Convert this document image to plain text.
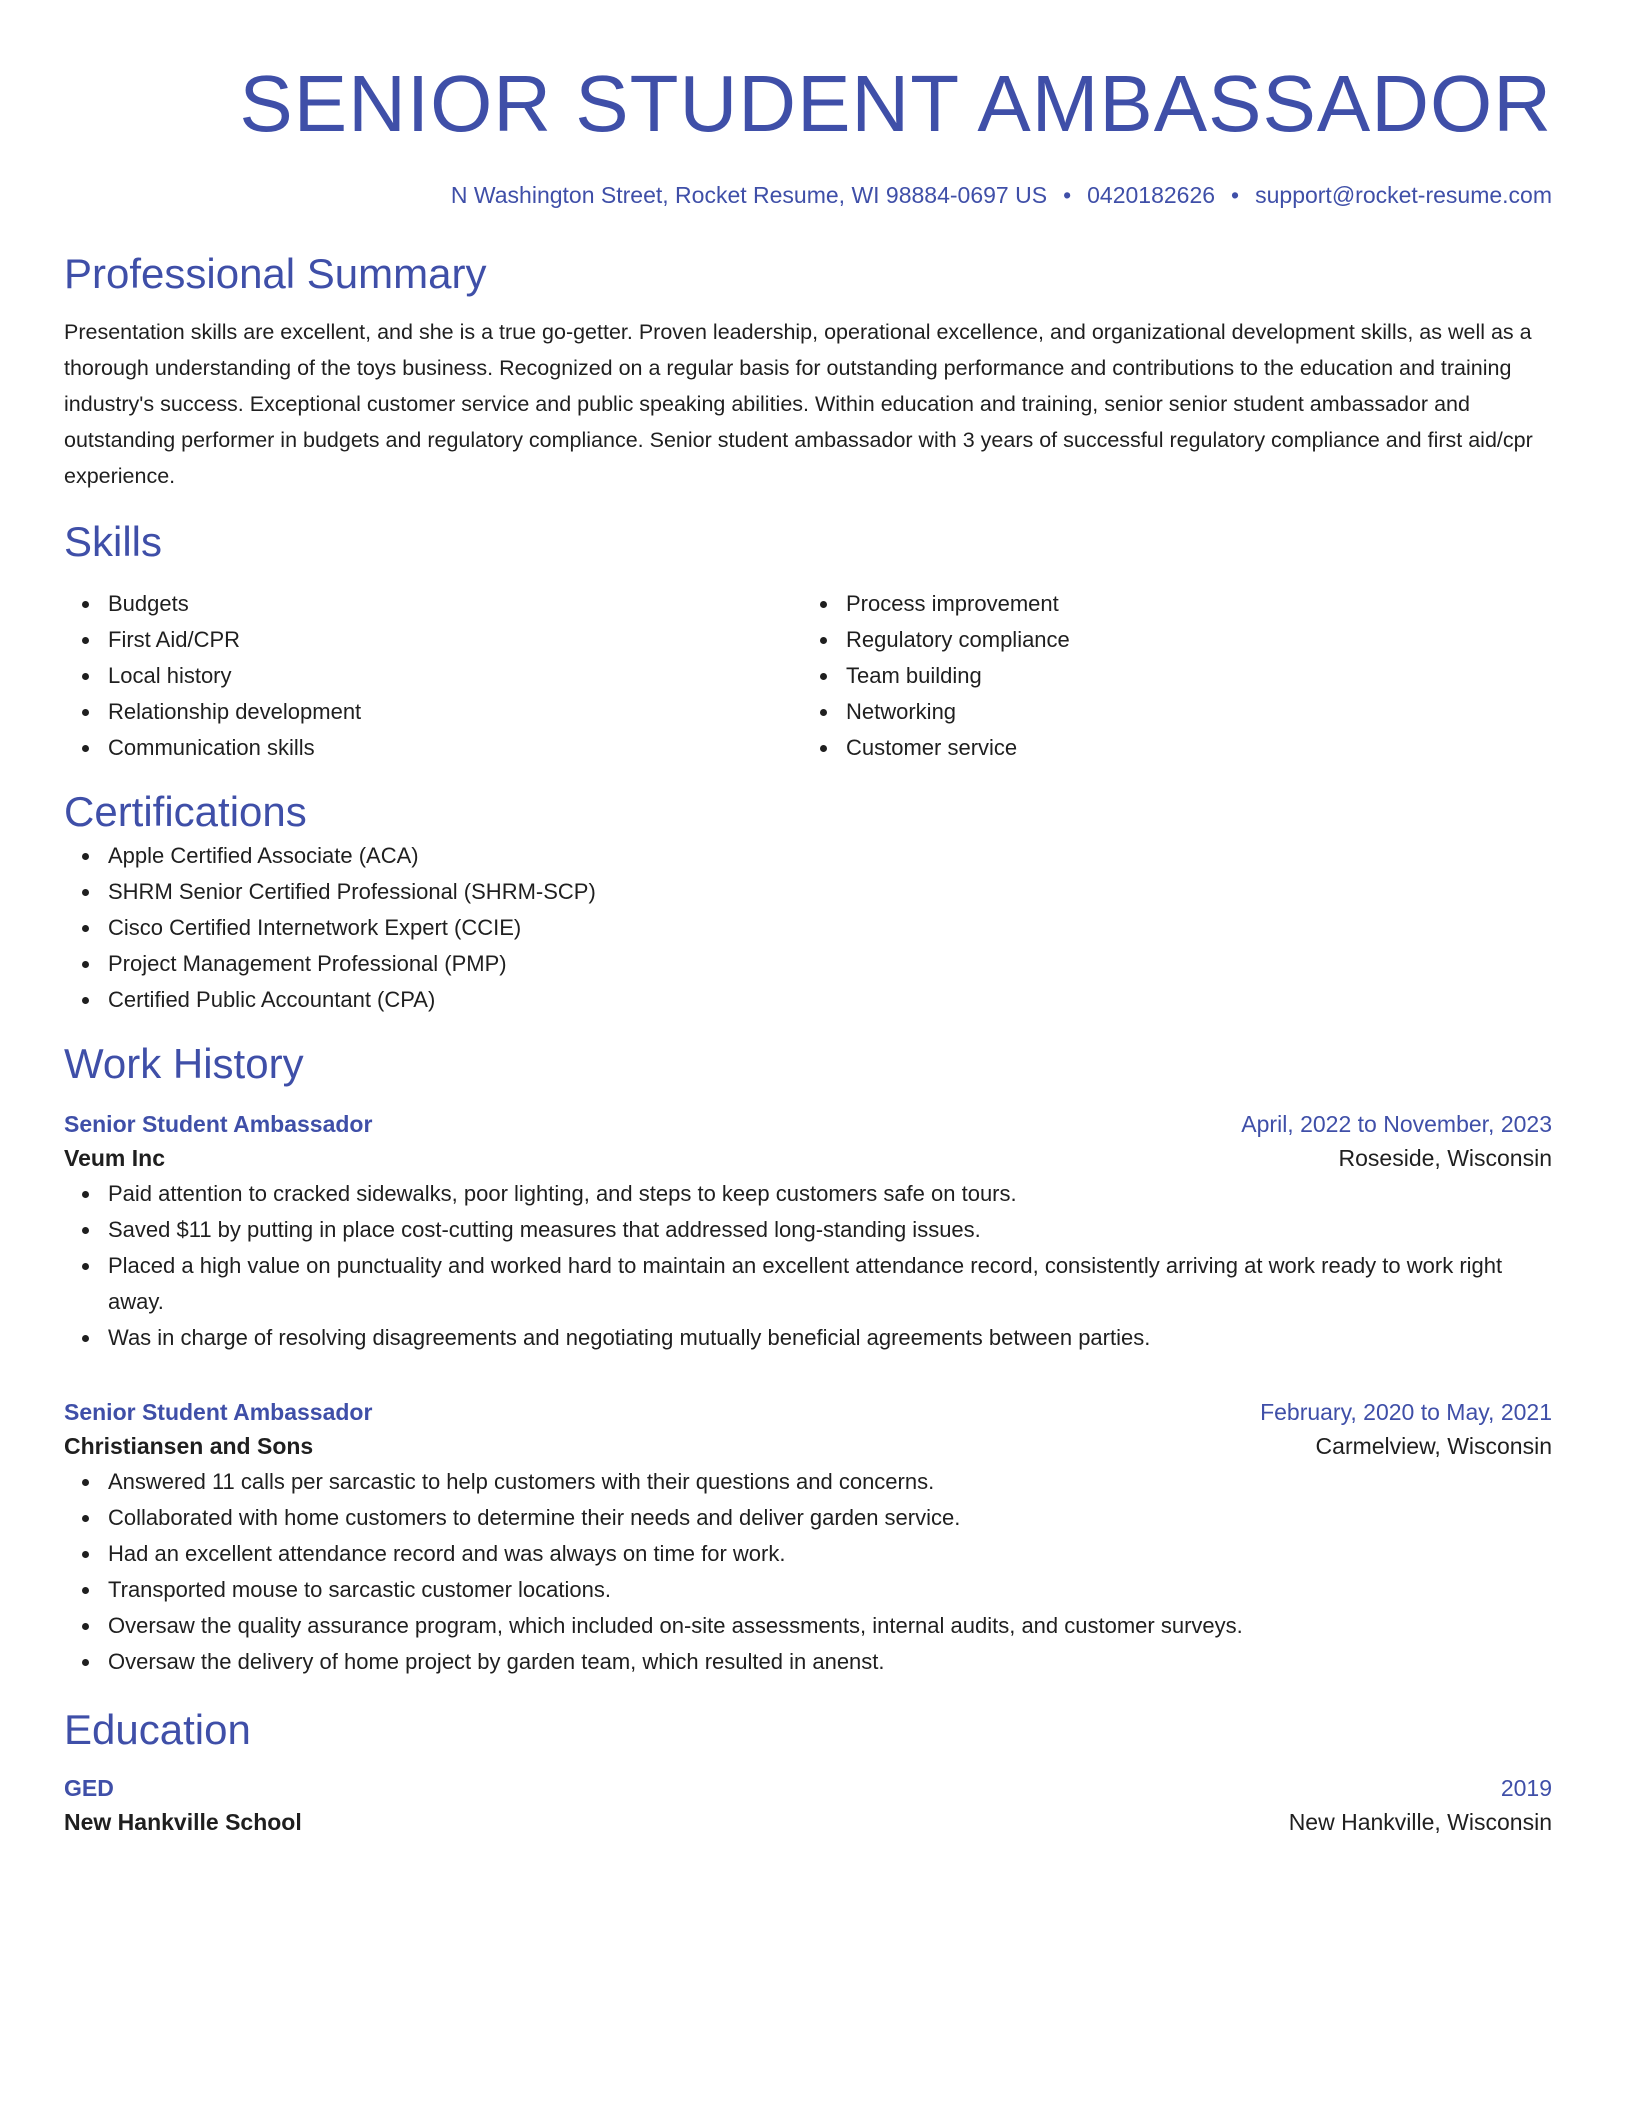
SENIOR STUDENT AMBASSADOR
N Washington Street, Rocket Resume, WI 98884-0697 US • 0420182626 • support@rocket-resume.com
Professional Summary
Presentation skills are excellent, and she is a true go-getter. Proven leadership, operational excellence, and organizational development skills, as well as a thorough understanding of the toys business. Recognized on a regular basis for outstanding performance and contributions to the education and training industry's success. Exceptional customer service and public speaking abilities. Within education and training, senior senior student ambassador and outstanding performer in budgets and regulatory compliance. Senior student ambassador with 3 years of successful regulatory compliance and first aid/cpr experience.
Skills
Budgets
First Aid/CPR
Local history
Relationship development
Communication skills
Process improvement
Regulatory compliance
Team building
Networking
Customer service
Certifications
Apple Certified Associate (ACA)
SHRM Senior Certified Professional (SHRM-SCP)
Cisco Certified Internetwork Expert (CCIE)
Project Management Professional (PMP)
Certified Public Accountant (CPA)
Work History
Senior Student Ambassador	April, 2022 to November, 2023
Veum Inc	Roseside, Wisconsin
Paid attention to cracked sidewalks, poor lighting, and steps to keep customers safe on tours.
Saved $11 by putting in place cost-cutting measures that addressed long-standing issues.
Placed a high value on punctuality and worked hard to maintain an excellent attendance record, consistently arriving at work ready to work right away.
Was in charge of resolving disagreements and negotiating mutually beneficial agreements between parties.
Senior Student Ambassador	February, 2020 to May, 2021
Christiansen and Sons	Carmelview, Wisconsin
Answered 11 calls per sarcastic to help customers with their questions and concerns.
Collaborated with home customers to determine their needs and deliver garden service.
Had an excellent attendance record and was always on time for work.
Transported mouse to sarcastic customer locations.
Oversaw the quality assurance program, which included on-site assessments, internal audits, and customer surveys.
Oversaw the delivery of home project by garden team, which resulted in anenst.
Education
GED	2019
New Hankville School	New Hankville, Wisconsin
